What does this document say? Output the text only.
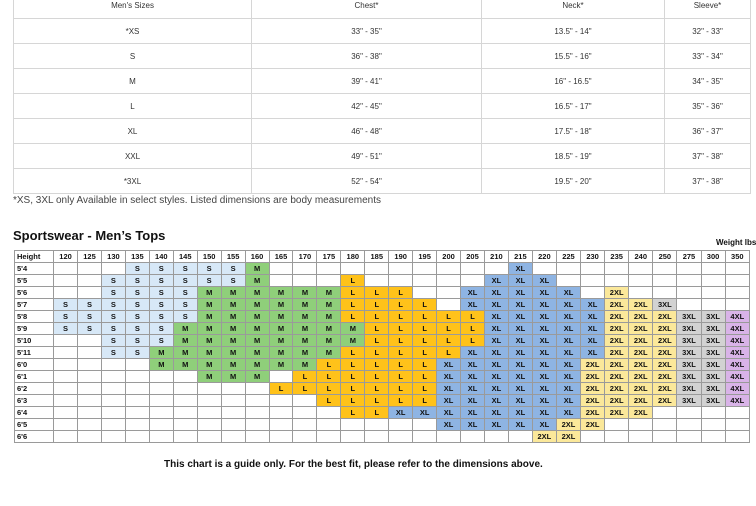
Men's Sizes	Chest*	Neck*	Sleeve*
*XS	33" - 35"	13.5" - 14"	32" - 33"
S	36" - 38"	15.5" - 16"	33" - 34"
M	39" - 41"	16" - 16.5"	34" - 35"
L	42" - 45"	16.5" - 17"	35" - 36"
XL	46" - 48"	17.5" - 18"	36" - 37"
XXL	49" - 51"	18.5" - 19"	37" - 38"
*3XL	52" - 54"	19.5" - 20"	37" - 38"
*XS, 3XL only Available in select styles. Listed dimensions are body measurements
Sportswear - Men’s Tops	Weight lbs
Height	120	125	130	135	140	145	150	155	160	165	170	175	180	185	190	195	200	205	210	215	220	225	230	235	240	250	275	300	350
5'4				S	S	S	S	S	M											XL									
5'5			S	S	S	S	S	S	M				L						XL	XL	XL								
5'6			S	S	S	S	M	M	M	M	M	M	L	L	L			XL	XL	XL	XL	XL		2XL					
5'7	S	S	S	S	S	S	M	M	M	M	M	M	L	L	L	L		XL	XL	XL	XL	XL	XL	2XL	2XL	3XL			
5'8	S	S	S	S	S	S	M	M	M	M	M	M	L	L	L	L	L	L	XL	XL	XL	XL	XL	2XL	2XL	2XL	3XL	3XL	4XL
5'9	S	S	S	S	S	M	M	M	M	M	M	M	M	L	L	L	L	L	XL	XL	XL	XL	XL	2XL	2XL	2XL	3XL	3XL	4XL
5'10			S	S	S	M	M	M	M	M	M	M	M	L	L	L	L	L	XL	XL	XL	XL	XL	2XL	2XL	2XL	3XL	3XL	4XL
5'11			S	S	M	M	M	M	M	M	M	M	L	L	L	L	L	XL	XL	XL	XL	XL	XL	2XL	2XL	2XL	3XL	3XL	4XL
6'0					M	M	M	M	M	M	M	L	L	L	L	L	XL	XL	XL	XL	XL	XL	2XL	2XL	2XL	2XL	3XL	3XL	4XL
6'1							M	M	M		L	L	L	L	L	L	XL	XL	XL	XL	XL	XL	2XL	2XL	2XL	2XL	3XL	3XL	4XL
6'2										L	L	L	L	L	L	L	XL	XL	XL	XL	XL	XL	2XL	2XL	2XL	2XL	3XL	3XL	4XL
6'3												L	L	L	L	L	XL	XL	XL	XL	XL	XL	2XL	2XL	2XL	2XL	3XL	3XL	4XL
6'4													L	L	XL	XL	XL	XL	XL	XL	XL	XL	2XL	2XL	2XL				
6'5																	XL	XL	XL	XL	XL	2XL	2XL						
6'6																					2XL	2XL							
This chart is a guide only. For the best fit, please refer to the dimensions above.
